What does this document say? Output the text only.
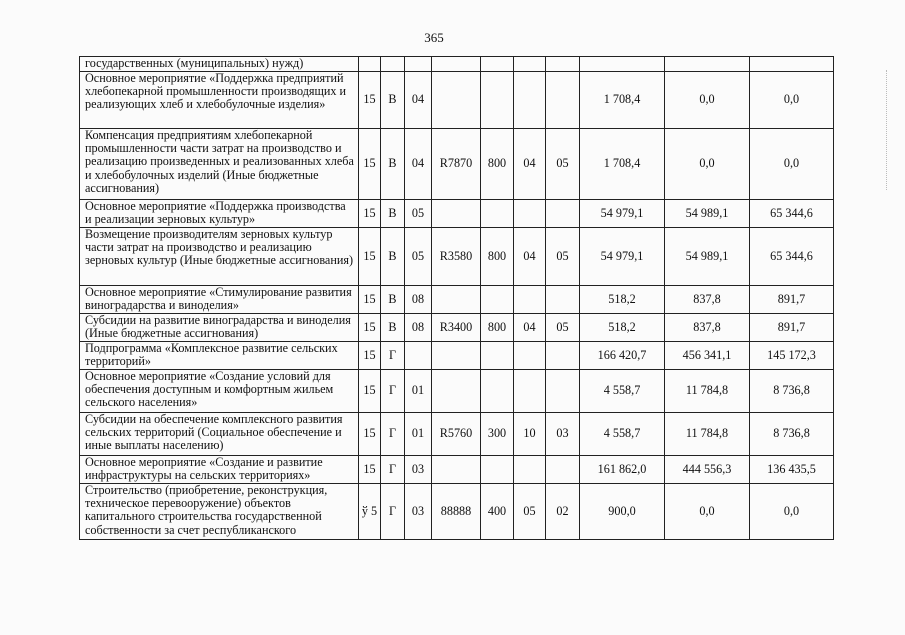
365
государственных (муниципальных) нужд)										
Основное мероприятие «Поддержка предприятий хлебопекарной промышленности производящих и реализующих хлеб и хлебобулочные изделия»	15	В	04					1 708,4	0,0	0,0
Компенсация предприятиям хлебопекарной промышленности части затрат на производство и реализацию произведенных и реализованных хлеба и хлебобулочных изделий (Иные бюджетные ассигнования)	15	В	04	R7870	800	04	05	1 708,4	0,0	0,0
Основное мероприятие «Поддержка производства и реализации зерновых культур»	15	В	05					54 979,1	54 989,1	65 344,6
Возмещение производителям зерновых культур части затрат на производство и реализацию зерновых культур (Иные бюджетные ассигнования)	15	В	05	R3580	800	04	05	54 979,1	54 989,1	65 344,6
Основное мероприятие «Стимулирование развития виноградарства и виноделия»	15	В	08					518,2	837,8	891,7
Субсидии на развитие виноградарства и виноделия (Иные бюджетные ассигнования)	15	В	08	R3400	800	04	05	518,2	837,8	891,7
Подпрограмма «Комплексное развитие сельских территорий»	15	Г						166 420,7	456 341,1	145 172,3
Основное мероприятие «Создание условий для обеспечения доступным и комфортным жильем сельского населения»	15	Г	01					4 558,7	11 784,8	8 736,8
Субсидии на обеспечение комплексного развития сельских территорий (Социальное обеспечение и иные выплаты населению)	15	Г	01	R5760	300	10	03	4 558,7	11 784,8	8 736,8
Основное мероприятие «Создание и развитие инфраструктуры на сельских территориях»	15	Г	03					161 862,0	444 556,3	136 435,5
Строительство (приобретение, реконструкция, техническое перевооружение) объектов капитального строительства государственной собственности за счет республиканского	ў 5	Г	03	88888	400	05	02	900,0	0,0	0,0
